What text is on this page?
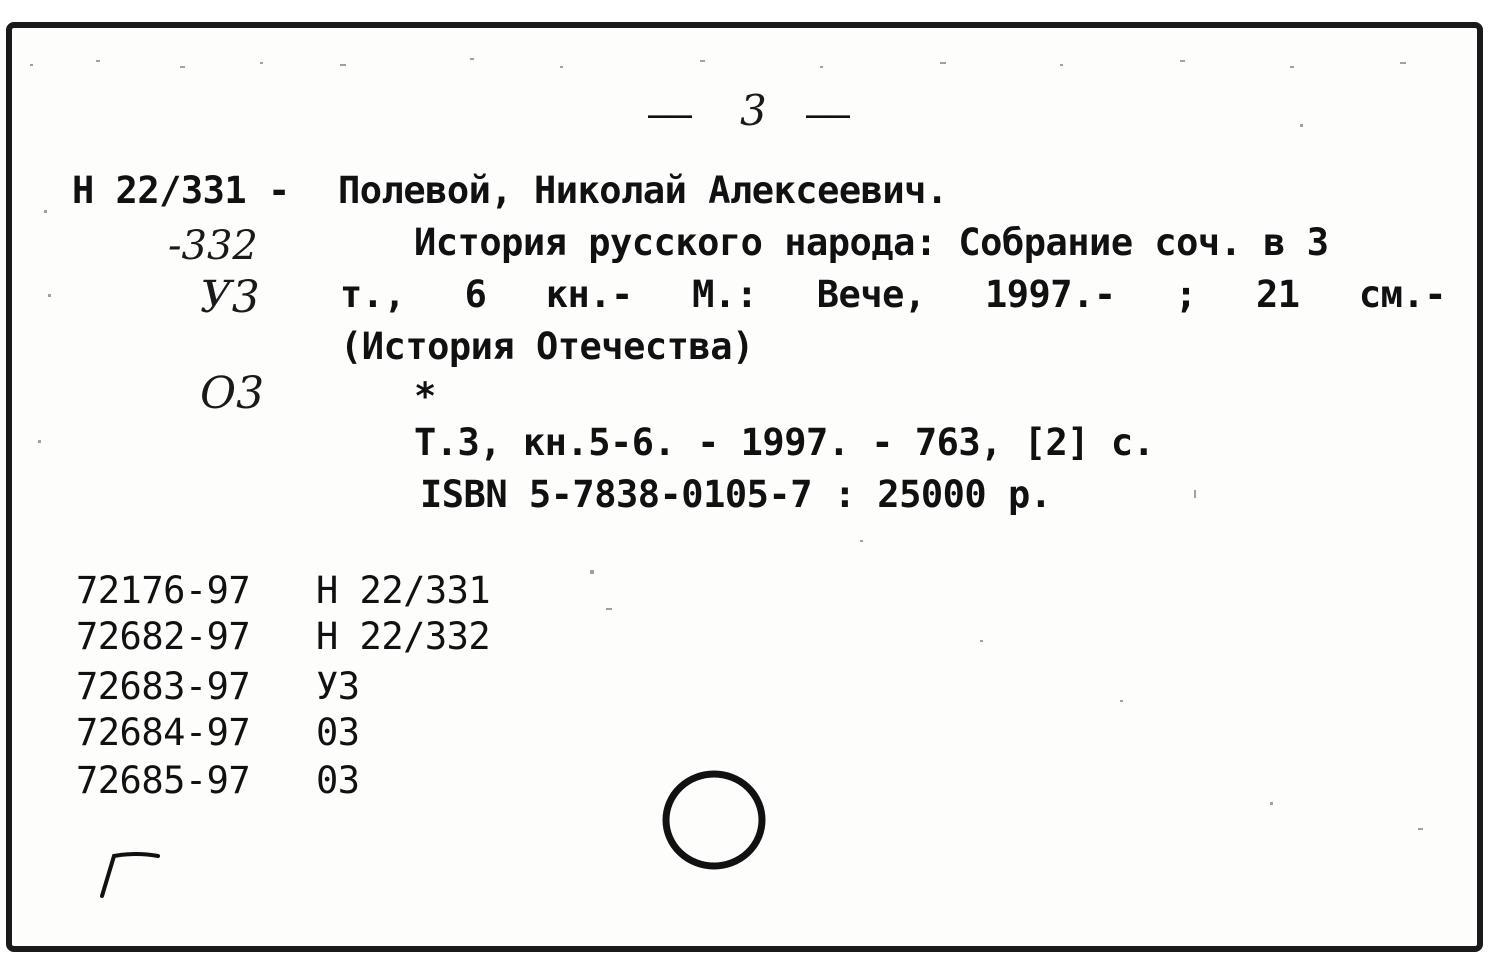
—— 3 ——
Н 22/331 - Полевой, Николай Алексеевич.
-332	История русского народа: Собрание соч. в 3
У3 т., 6 кн.- М.: Вече, 1997.- ; 21 см.-
(История Отечества)
О3	*
Т.3, кн.5-6. - 1997. - 763, [2] с.
ISBN 5-7838-0105-7 : 25000 р.
72176-97 Н 22/331
72682-97 Н 22/332
72683-97 У3
72684-97 03
72685-97 03
